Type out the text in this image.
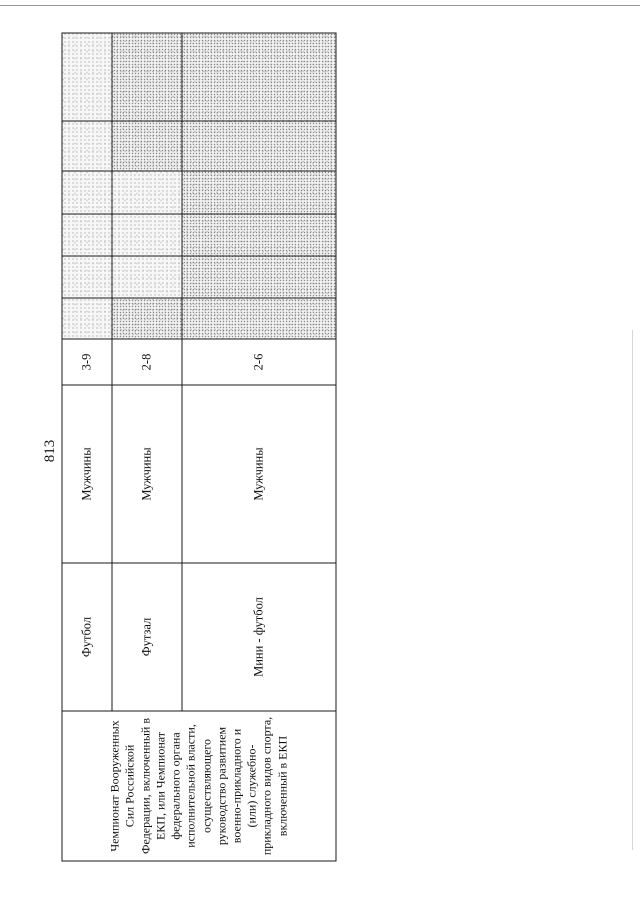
813
Чемпионат Вооруженных Сил Российской Федерации, включенный в ЕКП, или Чемпионат федерального органа исполнительной власти, осуществляющего руководство развитием военно-прикладного и (или) служебно-прикладного видов спорта, включенный в ЕКП	Футбол	Мужчины	3-9						
	Футзал	Мужчины	2-8						
	Мини - футбол	Мужчины	2-6						
